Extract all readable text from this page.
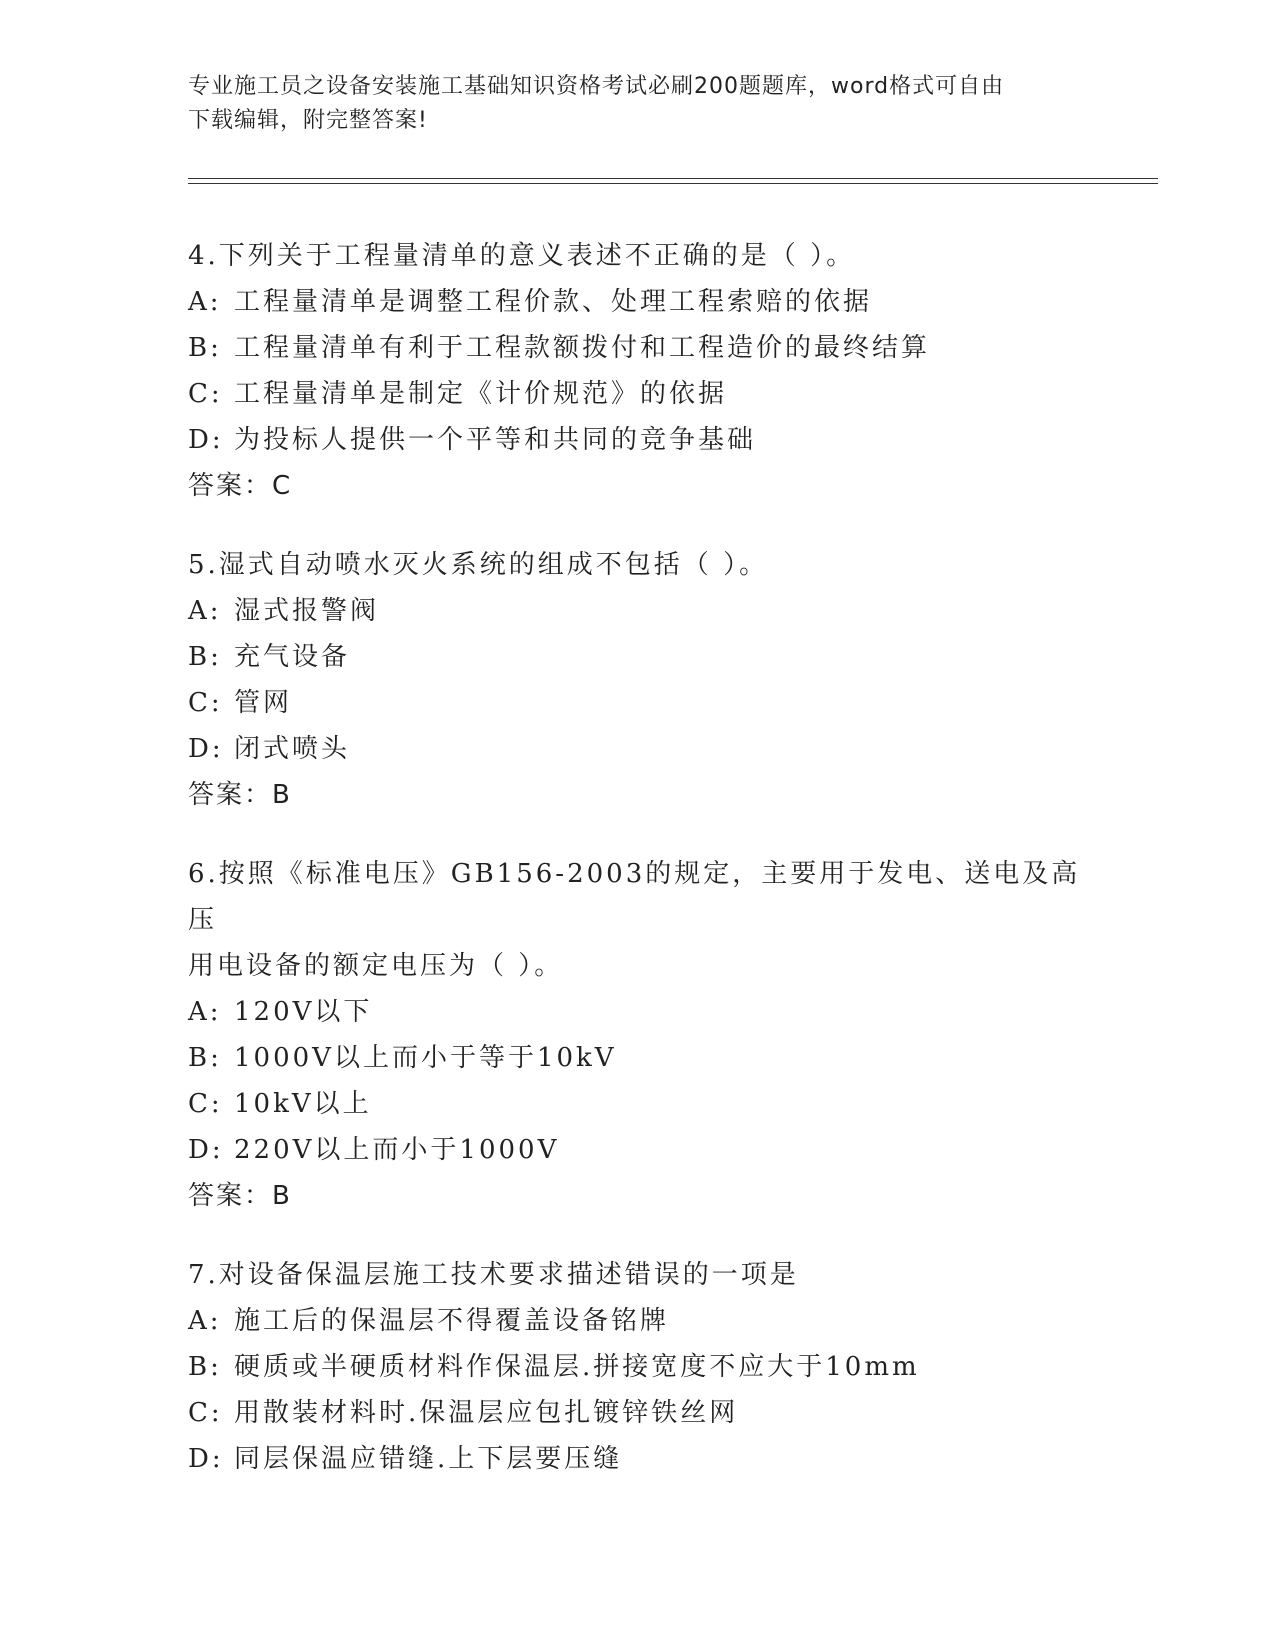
专业施工员之设备安装施工基础知识资格考试必刷200题题库，word格式可自由
下载编辑，附完整答案!
4.下列关于工程量清单的意义表述不正确的是（ ）。
A: 工程量清单是调整工程价款、处理工程索赔的依据
B: 工程量清单有利于工程款额拨付和工程造价的最终结算
C: 工程量清单是制定《计价规范》的依据
D: 为投标人提供一个平等和共同的竞争基础
答案：C
5.湿式自动喷水灭火系统的组成不包括（ ）。
A: 湿式报警阀
B: 充气设备
C: 管网
D: 闭式喷头
答案：B
6.按照《标准电压》GB156-2003的规定，主要用于发电、送电及高压
用电设备的额定电压为（ ）。
A: 120V以下
B: 1000V以上而小于等于10kV
C: 10kV以上
D: 220V以上而小于1000V
答案：B
7.对设备保温层施工技术要求描述错误的一项是
A: 施工后的保温层不得覆盖设备铭牌
B: 硬质或半硬质材料作保温层.拼接宽度不应大于10mm
C: 用散装材料时.保温层应包扎镀锌铁丝网
D: 同层保温应错缝.上下层要压缝
